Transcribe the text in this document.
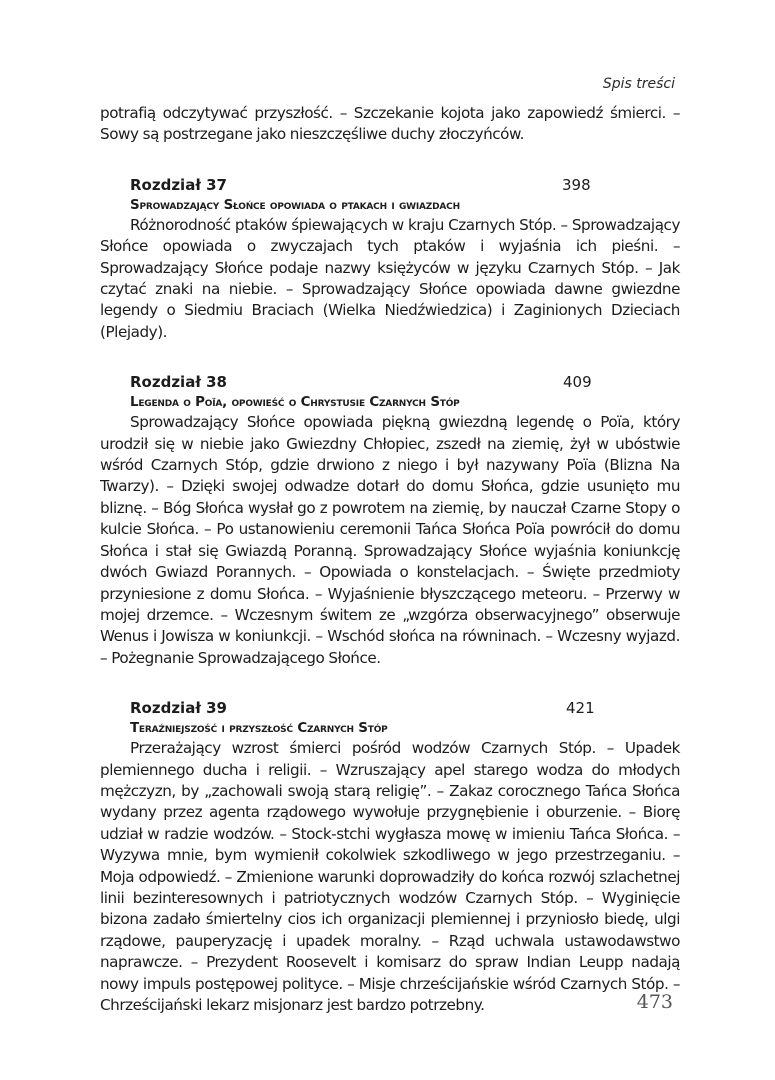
Spis treści

potrafią odczytywać przyszłość. – Szczekanie kojota jako zapowiedź śmierci. – Sowy są postrzegane jako nieszczęśliwe duchy złoczyńców.

Rozdział 37	398
Sprowadzający Słońce opowiada o ptakach i gwiazdach

Różnorodność ptaków śpiewających w kraju Czarnych Stóp. – Sprowadzający Słońce opowiada o zwyczajach tych ptaków i wyjaśnia ich pieśni. – Sprowadzający Słońce podaje nazwy księżyców w języku Czarnych Stóp. – Jak czytać znaki na niebie. – Sprowadzający Słońce opowiada dawne gwiezdne legendy o Siedmiu Braciach (Wielka Niedźwiedzica) i Zaginionych Dzieciach (Plejady).

Rozdział 38	409
Legenda o Poïa, opowieść o Chrystusie Czarnych Stóp

Sprowadzający Słońce opowiada piękną gwiezdną legendę o Poïa, który urodził się w niebie jako Gwiezdny Chłopiec, zszedł na ziemię, żył w ubóstwie wśród Czarnych Stóp, gdzie drwiono z niego i był nazywany Poïa (Blizna Na Twarzy). – Dzięki swojej odwadze dotarł do domu Słońca, gdzie usunięto mu bliznę. – Bóg Słońca wysłał go z powrotem na ziemię, by nauczał Czarne Stopy o kulcie Słońca. – Po ustanowieniu ceremonii Tańca Słońca Poïa powrócił do domu Słońca i stał się Gwiazdą Poranną. Sprowadzający Słońce wyjaśnia koniunkcję dwóch Gwiazd Porannych. – Opowiada o konstelacjach. – Święte przedmioty przyniesione z domu Słońca. – Wyjaśnienie błyszczącego meteoru. – Przerwy w mojej drzemce. – Wczesnym świtem ze „wzgórza obserwacyjnego” obserwuje Wenus i Jowisza w koniunkcji. – Wschód słońca na równinach. – Wczesny wyjazd. – Pożegnanie Sprowadzającego Słońce.

Rozdział 39	421
Teraźniejszość i przyszłość Czarnych Stóp

Przerażający wzrost śmierci pośród wodzów Czarnych Stóp. – Upadek plemiennego ducha i religii. – Wzruszający apel starego wodza do młodych mężczyzn, by „zachowali swoją starą religię”. – Zakaz corocznego Tańca Słońca wydany przez agenta rządowego wywołuje przygnębienie i oburzenie. – Biorę udział w radzie wodzów. – Stock-stchi wygłasza mowę w imieniu Tańca Słońca. – Wyzywa mnie, bym wymienił cokolwiek szkodliwego w jego przestrzeganiu. – Moja odpowiedź. – Zmienione warunki doprowadziły do końca rozwój szlachetnej linii bezinteresownych i patriotycznych wodzów Czarnych Stóp. – Wyginięcie bizona zadało śmiertelny cios ich organizacji plemiennej i przyniosło biedę, ulgi rządowe, pauperyzację i upadek moralny. – Rząd uchwala ustawodawstwo naprawcze. – Prezydent Roosevelt i komisarz do spraw Indian Leupp nadają nowy impuls postępowej polityce. – Misje chrześcijańskie wśród Czarnych Stóp. – Chrześcijański lekarz misjonarz jest bardzo potrzebny.	473
